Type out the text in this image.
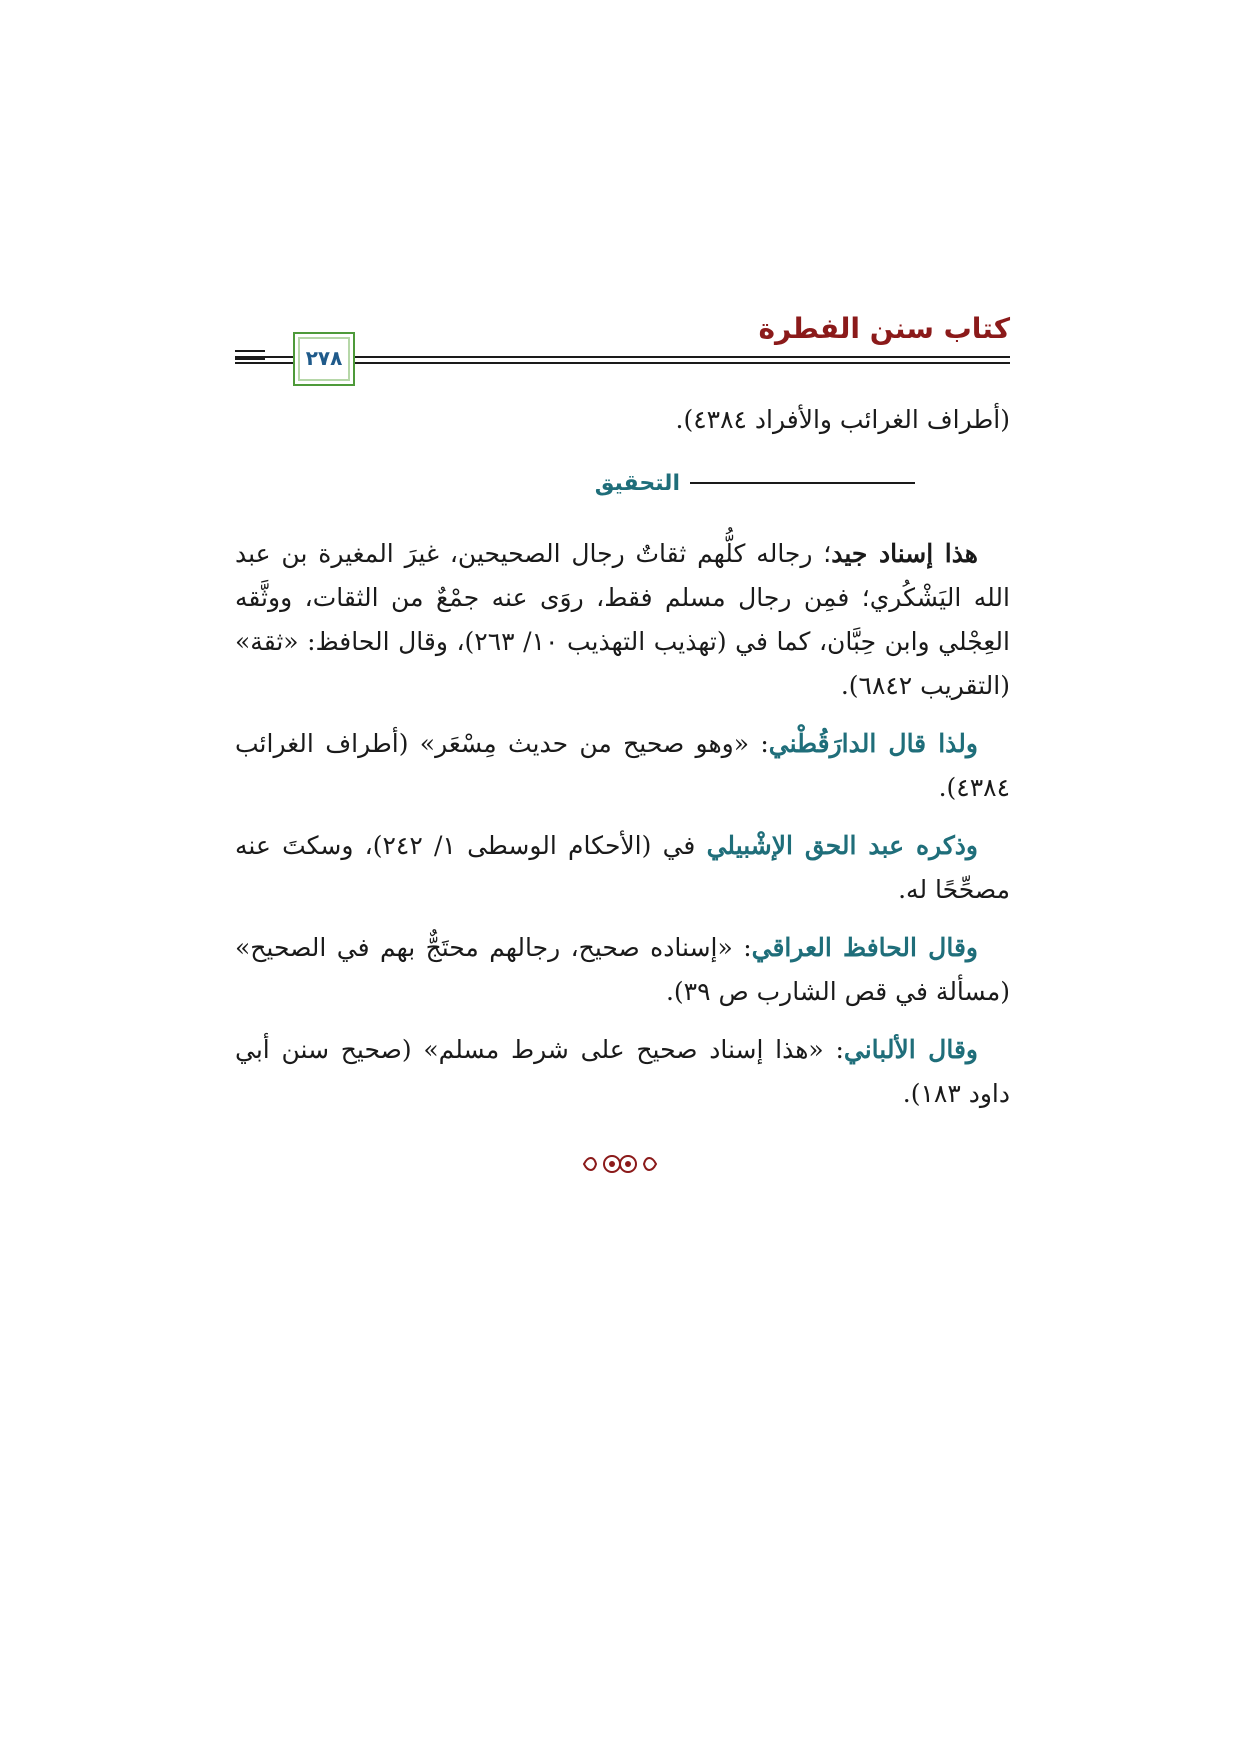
كتاب سنن الفطرة
٢٧٨

(أطراف الغرائب والأفراد ٤٣٨٤).

التحقيق

هذا إسناد جيد؛ رجاله كلُّهم ثقاتٌ رجال الصحيحين، غيرَ المغيرة بن عبد الله اليَشْكُري؛ فمِن رجال مسلم فقط، روَى عنه جمْعٌ من الثقات، ووثَّقه العِجْلي وابن حِبَّان، كما في (تهذيب التهذيب ١٠/ ٢٦٣)، وقال الحافظ: «ثقة» (التقريب ٦٨٤٢).

ولذا قال الدارَقُطْني: «وهو صحيح من حديث مِسْعَر» (أطراف الغرائب ٤٣٨٤).

وذكره عبد الحق الإشْبيلي في (الأحكام الوسطى ١/ ٢٤٢)، وسكتَ عنه مصحِّحًا له.

وقال الحافظ العراقي: «إسناده صحيح، رجالهم محتَجٌّ بهم في الصحيح» (مسألة في قص الشارب ص ٣٩).

وقال الألباني: «هذا إسناد صحيح على شرط مسلم» (صحيح سنن أبي داود ١٨٣).
